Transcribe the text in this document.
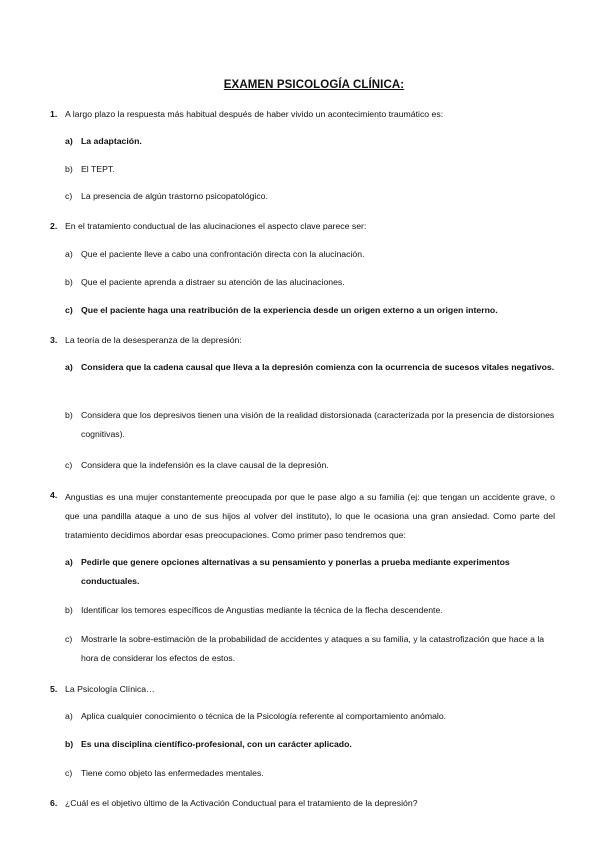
EXAMEN PSICOLOGÍA CLÍNICA:
1. A largo plazo la respuesta más habitual después de haber vivido un acontecimiento traumático es:
a) La adaptación.
b) El TEPT.
c) La presencia de algún trastorno psicopatológico.
2. En el tratamiento conductual de las alucinaciones el aspecto clave parece ser:
a) Que el paciente lleve a cabo una confrontación directa con la alucinación.
b) Que el paciente aprenda a distraer su atención de las alucinaciones.
c) Que el paciente haga una reatribución de la experiencia desde un origen externo a un origen interno.
3. La teoría de la desesperanza de la depresión:
a) Considera que la cadena causal que lleva a la depresión comienza con la ocurrencia de sucesos vitales negativos.
b) Considera que los depresivos tienen una visión de la realidad distorsionada (caracterizada por la presencia de distorsiones cognitivas).
c) Considera que la indefensión es la clave causal de la depresión.
4. Angustias es una mujer constantemente preocupada por que le pase algo a su familia (ej: que tengan un accidente grave, o que una pandilla ataque a uno de sus hijos al volver del instituto), lo que le ocasiona una gran ansiedad. Como parte del tratamiento decidimos abordar esas preocupaciones. Como primer paso tendremos que:
a) Pedirle que genere opciones alternativas a su pensamiento y ponerlas a prueba mediante experimentos conductuales.
b) Identificar los temores específicos de Angustias mediante la técnica de la flecha descendente.
c) Mostrarle la sobre-estimación de la probabilidad de accidentes y ataques a su familia, y la catastrofización que hace a la hora de considerar los efectos de estos.
5. La Psicología Clínica…
a) Aplica cualquier conocimiento o técnica de la Psicología referente al comportamiento anómalo.
b) Es una disciplina científico-profesional, con un carácter aplicado.
c) Tiene como objeto las enfermedades mentales.
6. ¿Cuál es el objetivo último de la Activación Conductual para el tratamiento de la depresión?
